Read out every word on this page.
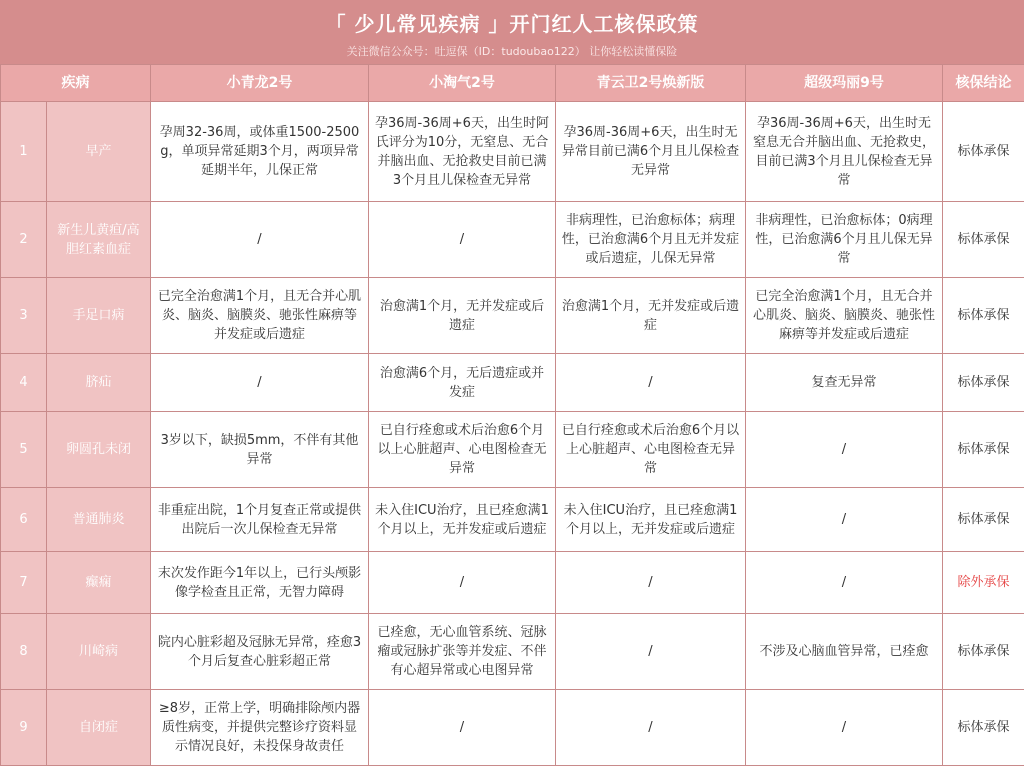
「 少儿常见疾病 」开门红人工核保政策
关注微信公众号：吐逗保（ID：tudoubao122） 让你轻松读懂保险
疾病		小青龙2号	小淘气2号	青云卫2号焕新版	超级玛丽9号	核保结论
1	早产	孕周32-36周，或体重1500-2500g，单项异常延期3个月，两项异常延期半年，儿保正常	孕36周-36周+6天，出生时阿氏评分为10分，无窒息、无合并脑出血、无抢救史目前已满3个月且儿保检查无异常	孕36周-36周+6天，出生时无异常目前已满6个月且儿保检查无异常	孕36周-36周+6天，出生时无窒息无合并脑出血、无抢救史，目前已满3个月且儿保检查无异常	标体承保
2	新生儿黄疸/高胆红素血症	/	/	非病理性，已治愈标体；病理性，已治愈满6个月且无并发症或后遗症，儿保无异常	非病理性，已治愈标体；0病理性，已治愈满6个月且儿保无异常	标体承保
3	手足口病	已完全治愈满1个月，且无合并心肌炎、脑炎、脑膜炎、驰张性麻痹等并发症或后遗症	治愈满1个月，无并发症或后遗症	治愈满1个月，无并发症或后遗症	已完全治愈满1个月，且无合并心肌炎、脑炎、脑膜炎、驰张性麻痹等并发症或后遗症	标体承保
4	脐疝	/	治愈满6个月，无后遗症或并发症	/	复查无异常	标体承保
5	卵圆孔未闭	3岁以下，缺损5mm，不伴有其他异常	已自行痊愈或术后治愈6个月以上心脏超声、心电图检查无异常	已自行痊愈或术后治愈6个月以上心脏超声、心电图检查无异常	/	标体承保
6	普通肺炎	非重症出院，1个月复查正常或提供出院后一次儿保检查无异常	未入住ICU治疗，且已痊愈满1个月以上，无并发症或后遗症	未入住ICU治疗，且已痊愈满1个月以上，无并发症或后遗症	/	标体承保
7	癫痫	末次发作距今1年以上，已行头颅影像学检查且正常，无智力障碍	/	/	/	除外承保
8	川崎病	院内心脏彩超及冠脉无异常，痊愈3个月后复查心脏彩超正常	已痊愈，无心血管系统、冠脉瘤或冠脉扩张等并发症、不伴有心超异常或心电图异常	/	不涉及心脑血管异常，已痊愈	标体承保
9	自闭症	≥8岁，正常上学，明确排除颅内器质性病变，并提供完整诊疗资料显示情况良好，未投保身故责任	/	/	/	标体承保
